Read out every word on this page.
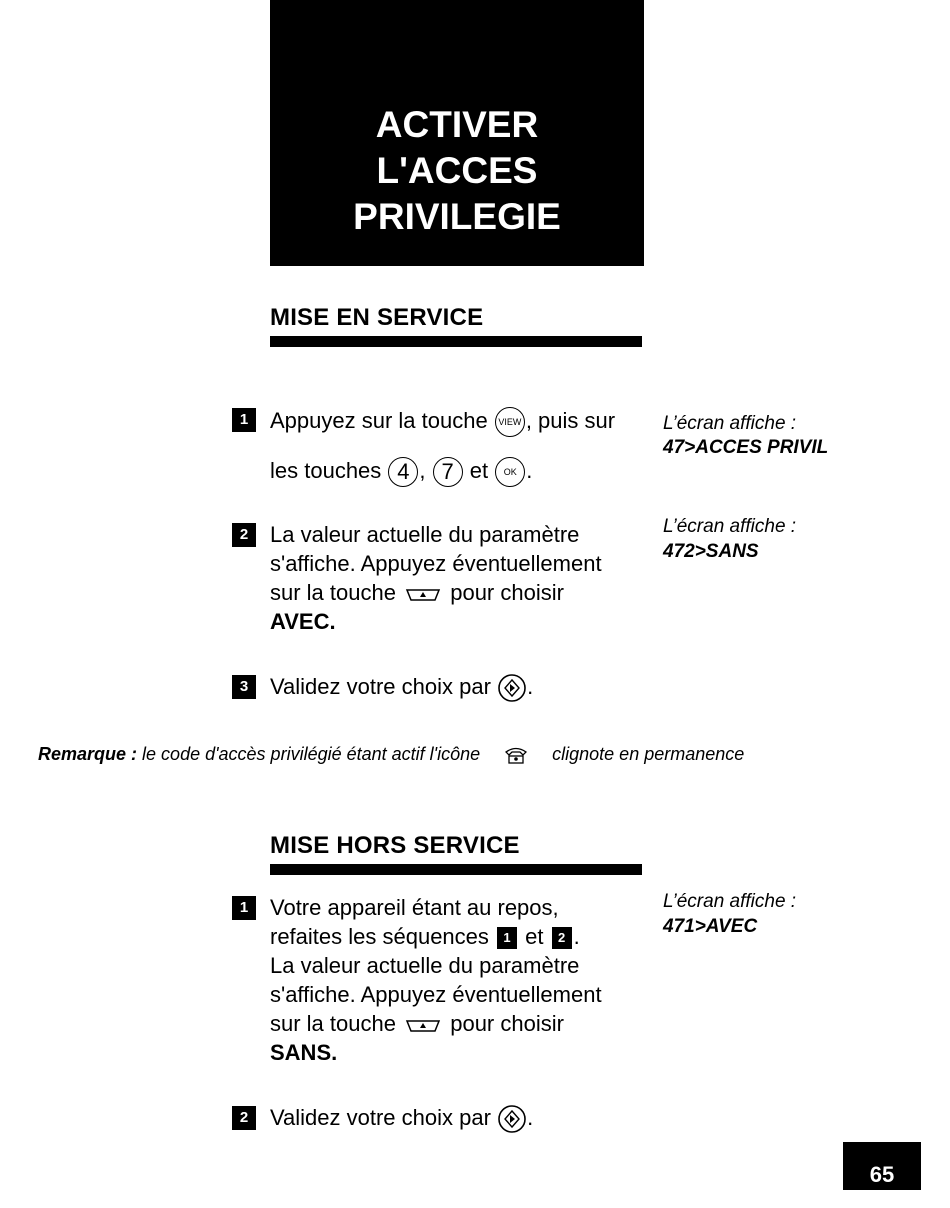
ACTIVER
L'ACCES
PRIVILEGIE
MISE EN SERVICE
1 Appuyez sur la touche VIEW , puis sur
les touches 4 , 7 et OK .
L’écran affiche :
47>ACCES PRIVIL
2 La valeur actuelle du paramètre
s'affiche. Appuyez éventuellement
sur la touche pour choisir
AVEC.
L’écran affiche :
472>SANS
3 Validez votre choix par .
Remarque : le code d'accès privilégié étant actif l'icône	clignote en permanence
MISE HORS SERVICE
1 Votre appareil étant au repos,
refaites les séquences 1 et 2 .
La valeur actuelle du paramètre
s'affiche. Appuyez éventuellement
sur la touche pour choisir
SANS.
L’écran affiche :
471>AVEC
2 Validez votre choix par .
65
